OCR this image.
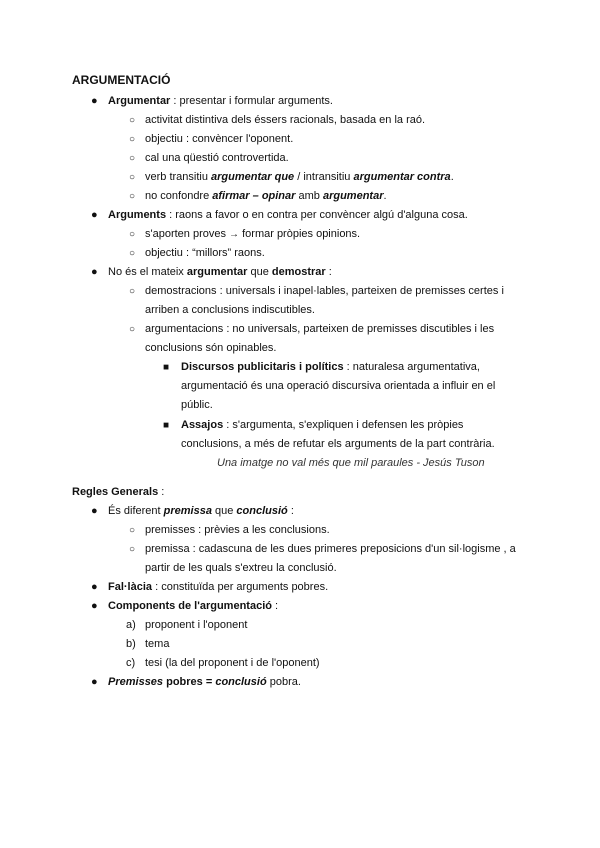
ARGUMENTACIÓ
● Argumentar : presentar i formular arguments.
○ activitat distintiva dels éssers racionals, basada en la raó.
○ objectiu : convèncer l'oponent.
○ cal una qüestió controvertida.
○ verb transitiu argumentar que / intransitiu argumentar contra.
○ no confondre afirmar – opinar amb argumentar.
● Arguments : raons a favor o en contra per convèncer algú d'alguna cosa.
○ s'aporten proves → formar pròpies opinions.
○ objectiu : “millors” raons.
● No és el mateix argumentar que demostrar :
○ demostracions : universals i inapel·lables, parteixen de premisses certes i
arriben a conclusions indiscutibles.
○ argumentacions : no universals, parteixen de premisses discutibles i les
conclusions són opinables.
■ Discursos publicitaris i polítics : naturalesa argumentativa,
argumentació és una operació discursiva orientada a influir en el
públic.
■ Assajos : s'argumenta, s'expliquen i defensen les pròpies
conclusions, a més de refutar els arguments de la part contrària.
Una imatge no val més que mil paraules - Jesús Tuson
Regles Generals :
● És diferent premissa que conclusió :
○ premisses : prèvies a les conclusions.
○ premissa : cadascuna de les dues primeres preposicions d'un sil·logisme , a
partir de les quals s'extreu la conclusió.
● Fal·làcia : constituïda per arguments pobres.
● Components de l'argumentació :
a) proponent i l'oponent
b) tema
c) tesi (la del proponent i de l'oponent)
● Premisses pobres = conclusió pobra.
